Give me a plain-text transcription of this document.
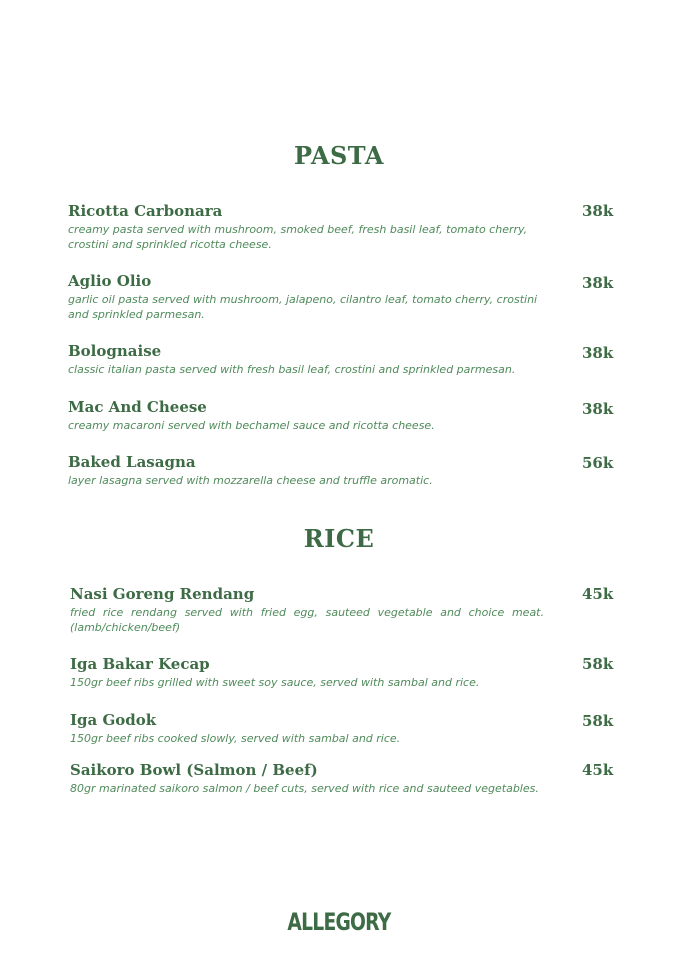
PASTA
Ricotta Carbonara
creamy pasta served with mushroom, smoked beef, fresh basil leaf, tomato cherry, crostini and sprinkled ricotta cheese.
38k
Aglio Olio
garlic oil pasta served with mushroom, jalapeno, cilantro leaf, tomato cherry, crostini and sprinkled parmesan.
38k
Bolognaise
classic italian pasta served with fresh basil leaf, crostini and sprinkled parmesan.
38k
Mac And Cheese
creamy macaroni served with bechamel sauce and ricotta cheese.
38k
Baked Lasagna
layer lasagna served with mozzarella cheese and truffle aromatic.
56k
RICE
Nasi Goreng Rendang
fried rice rendang served with fried egg, sauteed vegetable and choice meat. (lamb/chicken/beef)
45k
Iga Bakar Kecap
150gr beef ribs grilled with sweet soy sauce, served with sambal and rice.
58k
Iga Godok
150gr beef ribs cooked slowly, served with sambal and rice.
58k
Saikoro Bowl (Salmon / Beef)
80gr marinated saikoro salmon / beef cuts, served with rice and sauteed vegetables.
45k
ALLEGORY
